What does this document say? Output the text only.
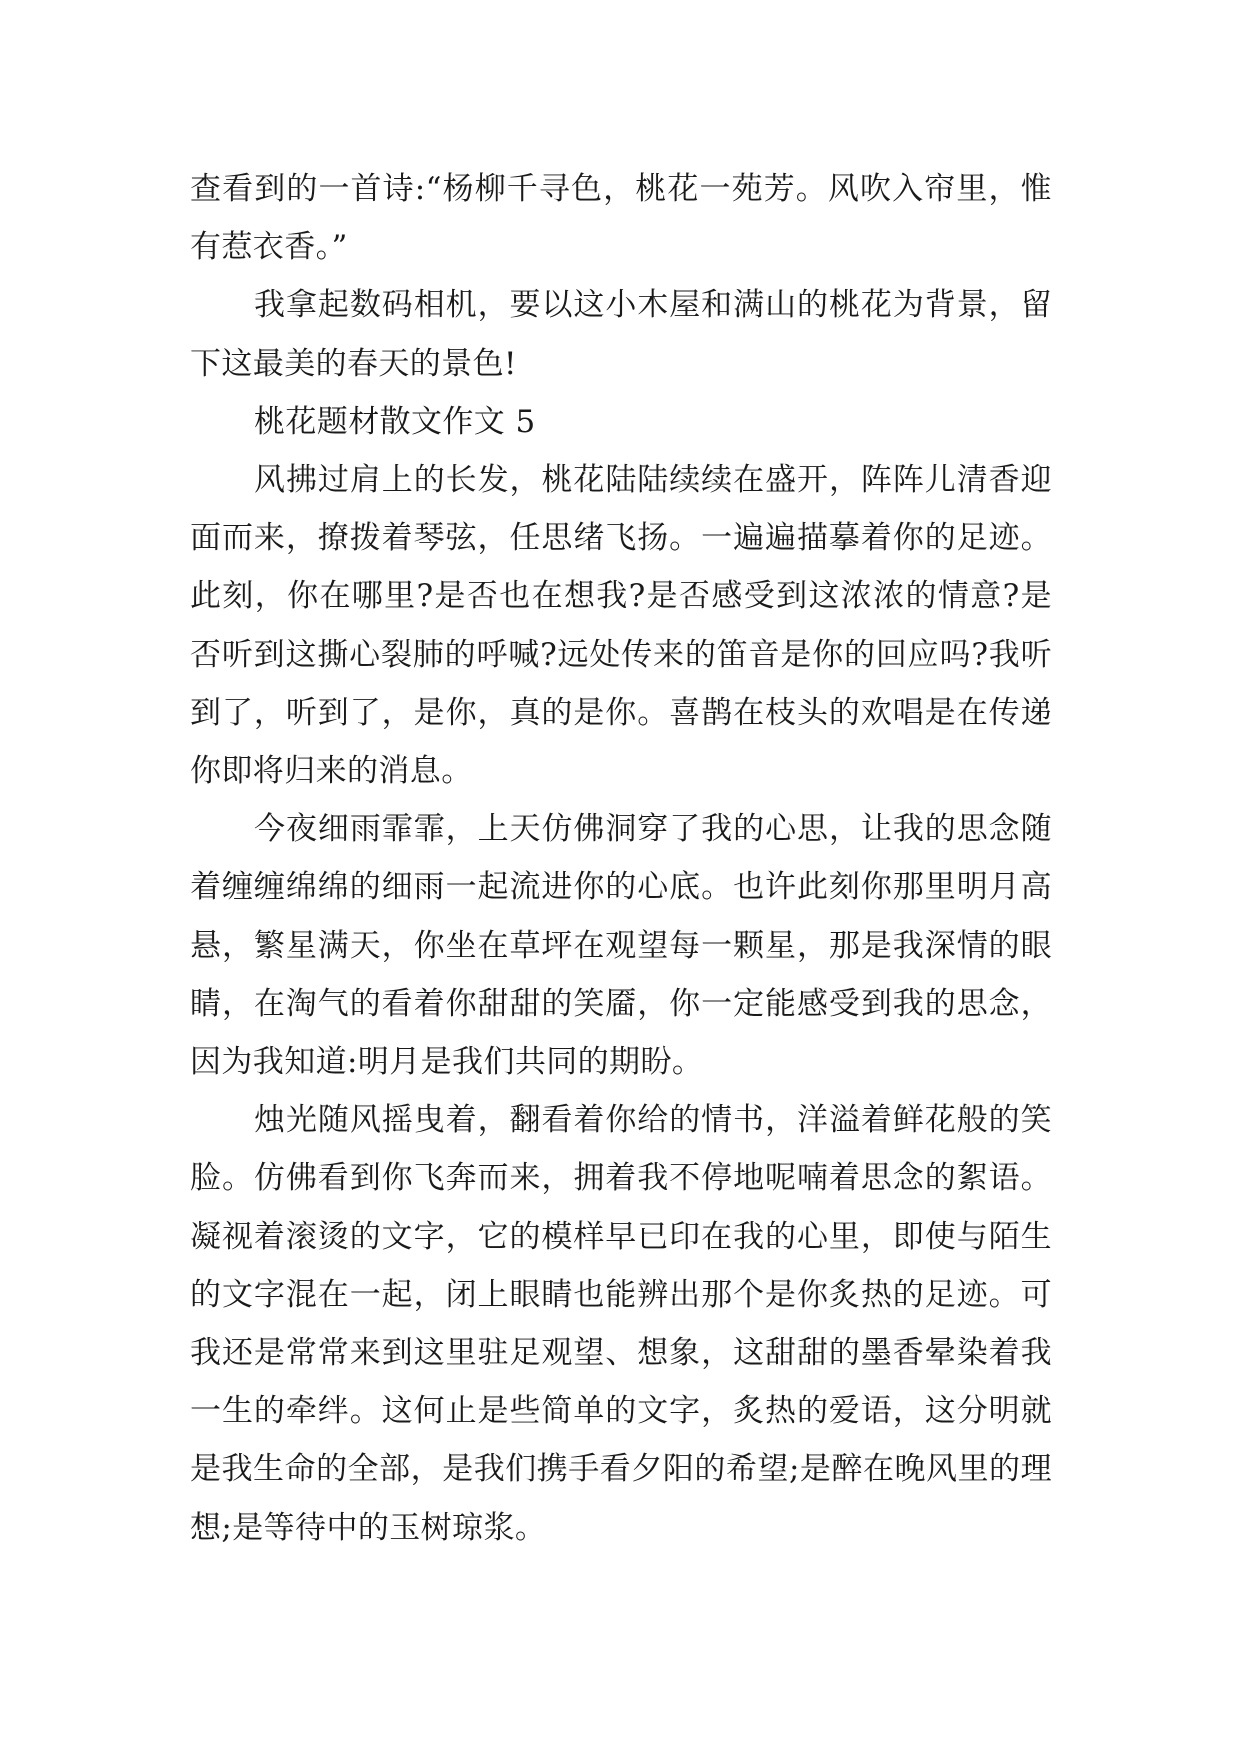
查看到的一首诗:“杨柳千寻色，桃花一苑芳。风吹入帘里，惟有惹衣香。”

我拿起数码相机，要以这小木屋和满山的桃花为背景，留下这最美的春天的景色!

桃花题材散文作文 5

风拂过肩上的长发，桃花陆陆续续在盛开，阵阵儿清香迎面而来，撩拨着琴弦，任思绪飞扬。一遍遍描摹着你的足迹。此刻，你在哪里?是否也在想我?是否感受到这浓浓的情意?是否听到这撕心裂肺的呼喊?远处传来的笛音是你的回应吗?我听到了，听到了，是你，真的是你。喜鹊在枝头的欢唱是在传递你即将归来的消息。

今夜细雨霏霏，上天仿佛洞穿了我的心思，让我的思念随着缠缠绵绵的细雨一起流进你的心底。也许此刻你那里明月高悬，繁星满天，你坐在草坪在观望每一颗星，那是我深情的眼睛，在淘气的看着你甜甜的笑靥，你一定能感受到我的思念，因为我知道:明月是我们共同的期盼。

烛光随风摇曳着，翻看着你给的情书，洋溢着鲜花般的笑脸。仿佛看到你飞奔而来，拥着我不停地呢喃着思念的絮语。凝视着滚烫的文字，它的模样早已印在我的心里，即使与陌生的文字混在一起，闭上眼睛也能辨出那个是你炙热的足迹。可我还是常常来到这里驻足观望、想象，这甜甜的墨香晕染着我一生的牵绊。这何止是些简单的文字，炙热的爱语，这分明就是我生命的全部，是我们携手看夕阳的希望;是醉在晚风里的理想;是等待中的玉树琼浆。
